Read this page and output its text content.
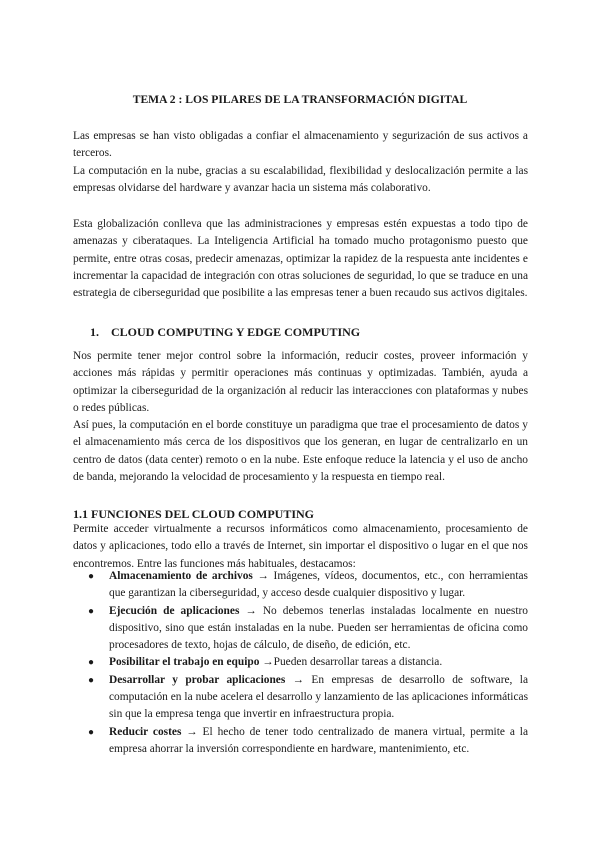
TEMA 2 : LOS PILARES DE LA TRANSFORMACIÓN DIGITAL

Las empresas se han visto obligadas a confiar el almacenamiento y segurización de sus activos a terceros.

La computación en la nube, gracias a su escalabilidad, flexibilidad y deslocalización permite a las empresas olvidarse del hardware y avanzar hacia un sistema más colaborativo.

Esta globalización conlleva que las administraciones y empresas estén expuestas a todo tipo de amenazas y ciberataques. La Inteligencia Artificial ha tomado mucho protagonismo puesto que permite, entre otras cosas, predecir amenazas, optimizar la rapidez de la respuesta ante incidentes e incrementar la capacidad de integración con otras soluciones de seguridad, lo que se traduce en una estrategia de ciberseguridad que posibilite a las empresas tener a buen recaudo sus activos digitales.

1. CLOUD COMPUTING Y EDGE COMPUTING

Nos permite tener mejor control sobre la información, reducir costes, proveer información y acciones más rápidas y permitir operaciones más continuas y optimizadas. También, ayuda a optimizar la ciberseguridad de la organización al reducir las interacciones con plataformas y nubes o redes públicas.

Así pues, la computación en el borde constituye un paradigma que trae el procesamiento de datos y el almacenamiento más cerca de los dispositivos que los generan, en lugar de centralizarlo en un centro de datos (data center) remoto o en la nube. Este enfoque reduce la latencia y el uso de ancho de banda, mejorando la velocidad de procesamiento y la respuesta en tiempo real.

1.1 FUNCIONES DEL CLOUD COMPUTING

Permite acceder virtualmente a recursos informáticos como almacenamiento, procesamiento de datos y aplicaciones, todo ello a través de Internet, sin importar el dispositivo o lugar en el que nos encontremos. Entre las funciones más habituales, destacamos:

● Almacenamiento de archivos → Imágenes, vídeos, documentos, etc., con herramientas que garantizan la ciberseguridad, y acceso desde cualquier dispositivo y lugar.
● Ejecución de aplicaciones → No debemos tenerlas instaladas localmente en nuestro dispositivo, sino que están instaladas en la nube. Pueden ser herramientas de oficina como procesadores de texto, hojas de cálculo, de diseño, de edición, etc.
● Posibilitar el trabajo en equipo →Pueden desarrollar tareas a distancia.
● Desarrollar y probar aplicaciones → En empresas de desarrollo de software, la computación en la nube acelera el desarrollo y lanzamiento de las aplicaciones informáticas sin que la empresa tenga que invertir en infraestructura propia.
● Reducir costes → El hecho de tener todo centralizado de manera virtual, permite a la empresa ahorrar la inversión correspondiente en hardware, mantenimiento, etc.
